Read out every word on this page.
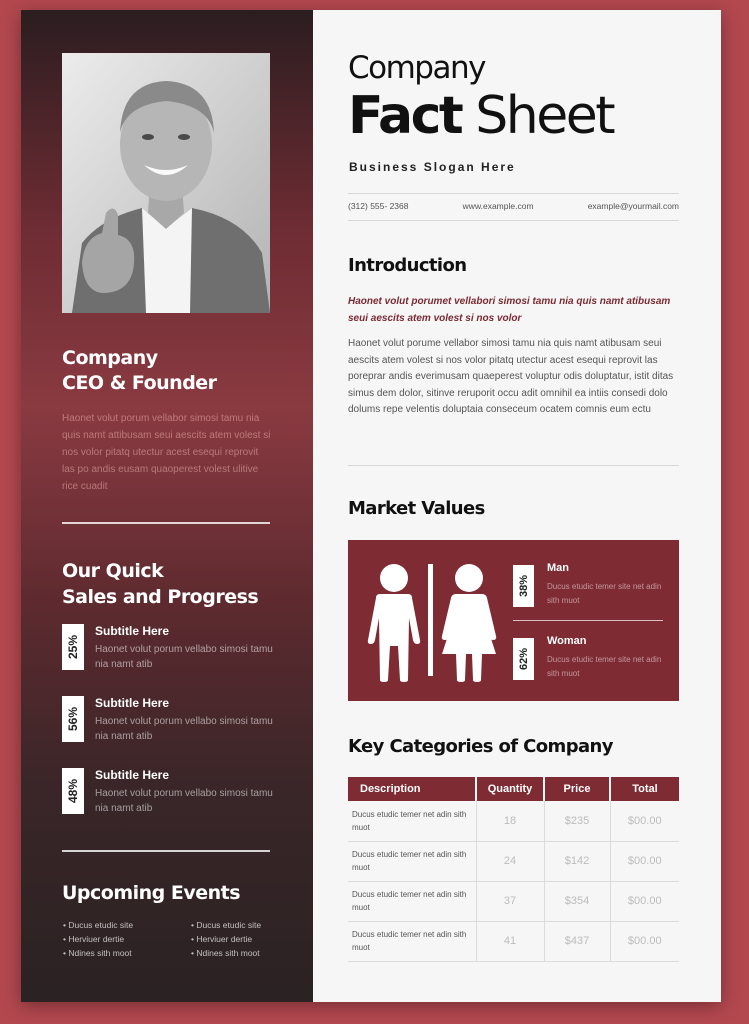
Company
CEO & Founder

Haonet volut porum vellabor simosi tamu nia quis namt attibusam seui aescits atem volest si nos volor pitatq utectur acest esequi reprovit las po andis eusam quaoperest volest ulitive rice cuadit

Our Quick
Sales and Progress
25%
Subtitle Here
Haonet volut porum vellabo simosi tamu nia namt atib
56%
Subtitle Here
Haonet volut porum vellabo simosi tamu nia namt atib
48%
Subtitle Here
Haonet volut porum vellabo simosi tamu nia namt atib
Upcoming Events
• Ducus etudic site
• Herviuer dertie
• Ndines sith moot
• Ducus etudic site
• Herviuer dertie
• Ndines sith moot
Company
Fact Sheet
Business Slogan Here
(312) 555- 2368	www.example.com	example@yourmail.com
Introduction

Haonet volut porumet vellabori simosi tamu nia quis namt atibusam seui aescits atem volest si nos volor

Haonet volut porume vellabor simosi tamu nia quis namt atibusam seui aescits atem volest si nos volor pitatq utectur acest esequi reprovit las poreprar andis everimusam quaeperest voluptur odis doluptatur, istit ditas simus dem dolor, sitinve reruporit occu adit omnihil ea intiis consedi dolo dolums repe velentis doluptaia conseceum ocatem comnis eum ectu

Market Values
38%
Man
Ducus etudic temer site net adin sith muot
62%
Woman
Ducus etudic temer site net adin sith muot
Key Categories of Company
Description	Quantity	Price	Total
Ducus etudic temer net adin sith muot	18	$235	$00.00
Ducus etudic temer net adin sith muot	24	$142	$00.00
Ducus etudic temer net adin sith muot	37	$354	$00.00
Ducus etudic temer net adin sith muot	41	$437	$00.00
